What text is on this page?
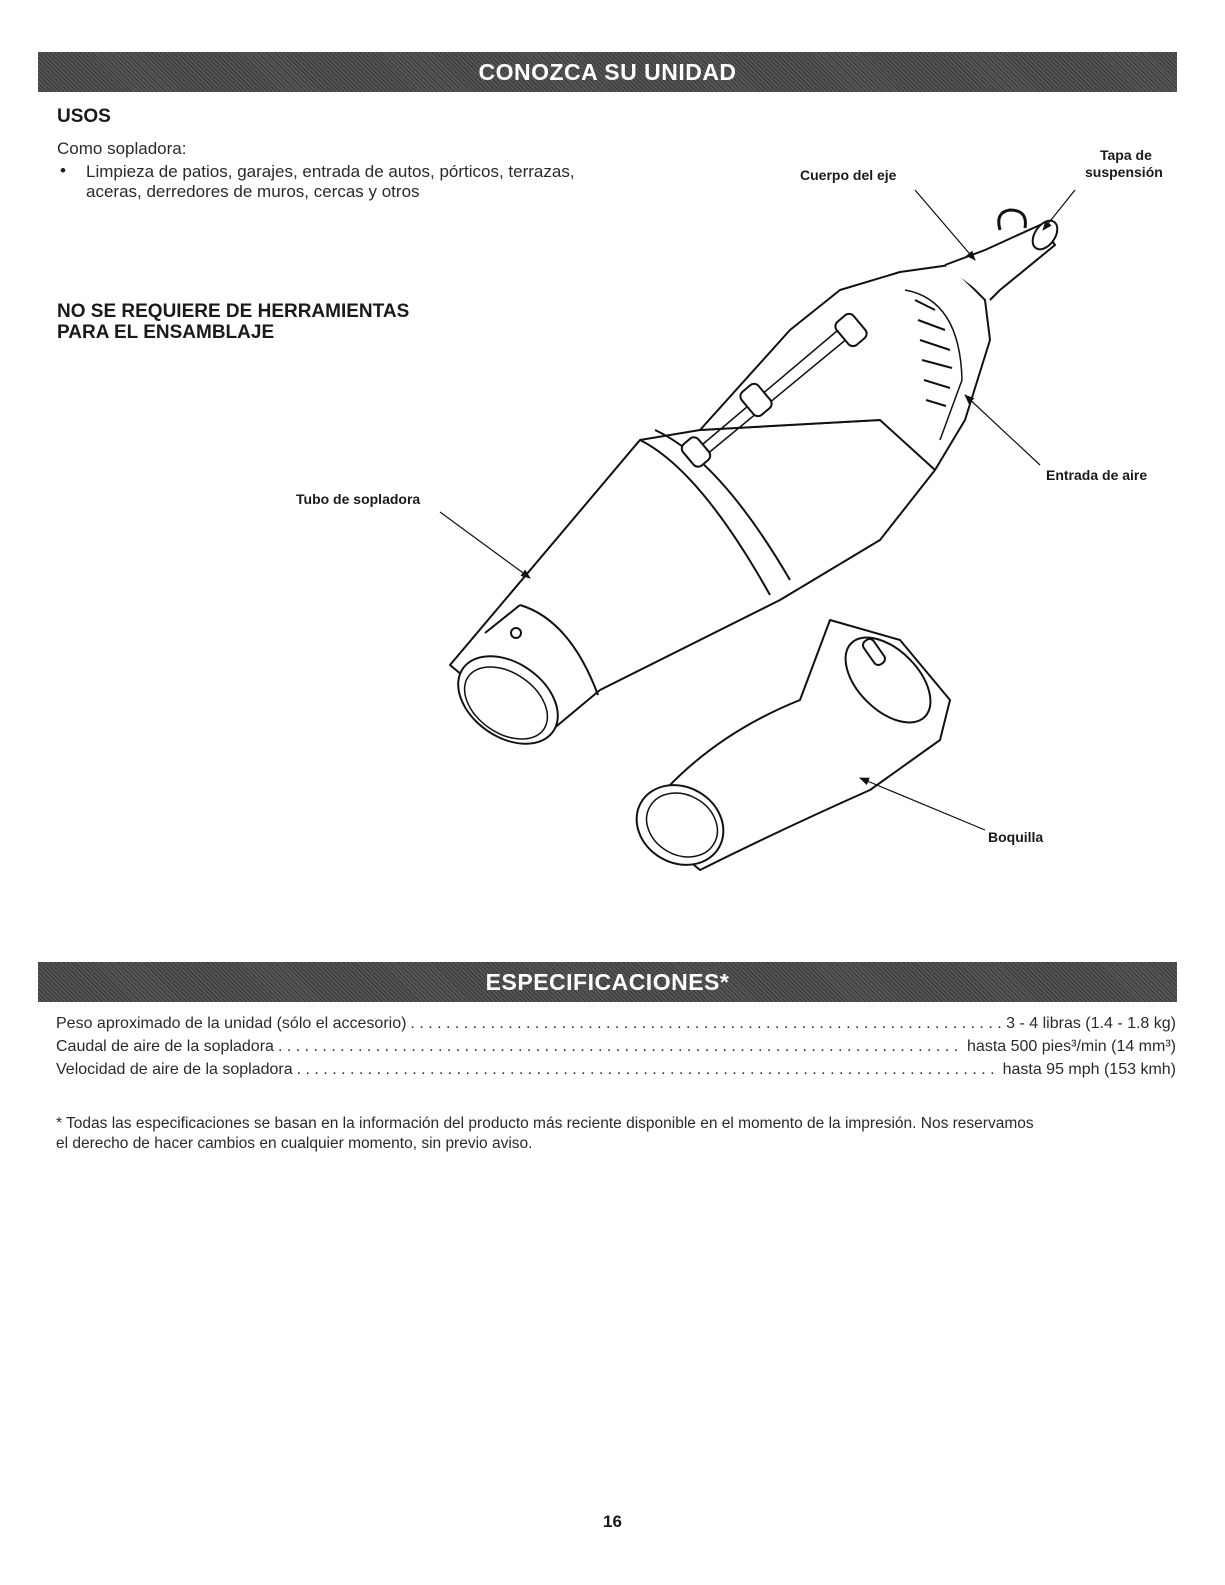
CONOZCA SU UNIDAD
USOS
Como sopladora:
• Limpieza de patios, garajes, entrada de autos, pórticos, terrazas,
aceras, derredores de muros, cercas y otros
NO SE REQUIERE DE HERRAMIENTAS
PARA EL ENSAMBLAJE
Cuerpo del eje
Tapa de
suspensión
Entrada de aire
Tubo de sopladora
Boquilla
ESPECIFICACIONES*
Peso aproximado de la unidad (sólo el accesorio) . . .	3 - 4 libras (1.4 - 1.8 kg)
Caudal de aire de la sopladora . . .	hasta 500 pies³/min (14 mm³)
Velocidad de aire de la sopladora . . .	hasta 95 mph (153 kmh)
* Todas las especificaciones se basan en la información del producto más reciente disponible en el momento de la impresión. Nos reservamos
el derecho de hacer cambios en cualquier momento, sin previo aviso.
16
